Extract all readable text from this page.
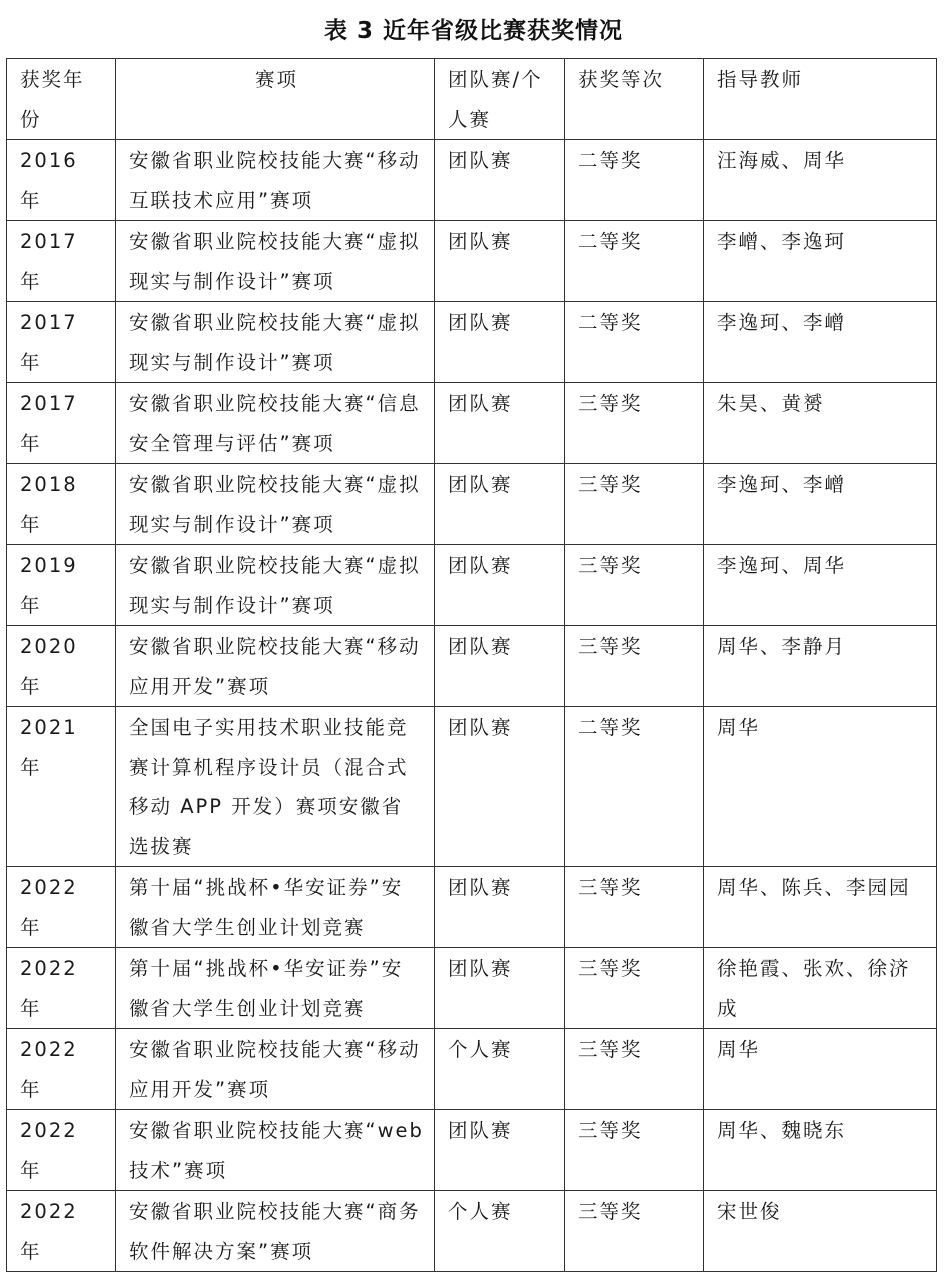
表 3 近年省级比赛获奖情况
获奖年份	赛项	团队赛/个人赛	获奖等次	指导教师
2016 年	安徽省职业院校技能大赛“移动互联技术应用”赛项	团队赛	二等奖	汪海威、周华
2017 年	安徽省职业院校技能大赛“虚拟现实与制作设计”赛项	团队赛	二等奖	李嶒、李逸珂
2017 年	安徽省职业院校技能大赛“虚拟现实与制作设计”赛项	团队赛	二等奖	李逸珂、李嶒
2017 年	安徽省职业院校技能大赛“信息安全管理与评估”赛项	团队赛	三等奖	朱昊、黄赟
2018 年	安徽省职业院校技能大赛“虚拟现实与制作设计”赛项	团队赛	三等奖	李逸珂、李嶒
2019 年	安徽省职业院校技能大赛“虚拟现实与制作设计”赛项	团队赛	三等奖	李逸珂、周华
2020 年	安徽省职业院校技能大赛“移动应用开发”赛项	团队赛	三等奖	周华、李静月
2021 年	全国电子实用技术职业技能竞赛计算机程序设计员（混合式移动 APP 开发）赛项安徽省选拔赛	团队赛	二等奖	周华
2022 年	第十届“挑战杯•华安证券”安徽省大学生创业计划竞赛	团队赛	三等奖	周华、陈兵、李园园
2022 年	第十届“挑战杯•华安证券”安徽省大学生创业计划竞赛	团队赛	三等奖	徐艳霞、张欢、徐济成
2022 年	安徽省职业院校技能大赛“移动应用开发”赛项	个人赛	三等奖	周华
2022 年	安徽省职业院校技能大赛“web 技术”赛项	团队赛	三等奖	周华、魏晓东
2022 年	安徽省职业院校技能大赛“商务软件解决方案”赛项	个人赛	三等奖	宋世俊
